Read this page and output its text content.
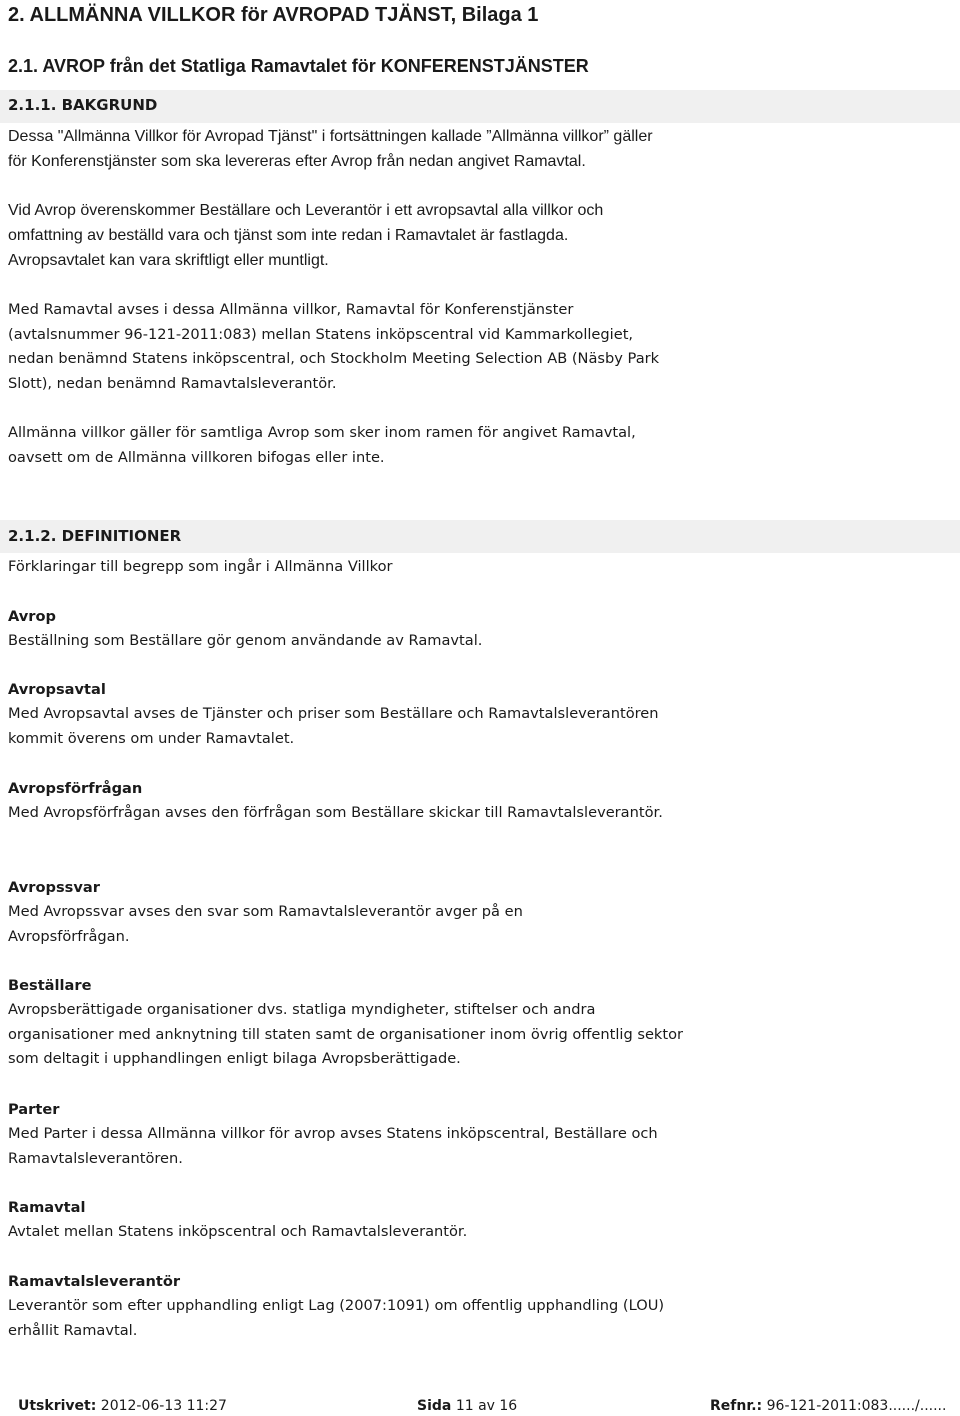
2. ALLMÄNNA VILLKOR för AVROPAD TJÄNST, Bilaga 1
2.1. AVROP från det Statliga Ramavtalet för KONFERENSTJÄNSTER
2.1.1. BAKGRUND
Dessa "Allmänna Villkor för Avropad Tjänst" i fortsättningen kallade ”Allmänna villkor” gäller
för Konferenstjänster som ska levereras efter Avrop från nedan angivet Ramavtal.
Vid Avrop överenskommer Beställare och Leverantör i ett avropsavtal alla villkor och
omfattning av beställd vara och tjänst som inte redan i Ramavtalet är fastlagda.
Avropsavtalet kan vara skriftligt eller muntligt.
Med Ramavtal avses i dessa Allmänna villkor, Ramavtal för Konferenstjänster
(avtalsnummer 96-121-2011:083) mellan Statens inköpscentral vid Kammarkollegiet,
nedan benämnd Statens inköpscentral, och Stockholm Meeting Selection AB (Näsby Park
Slott), nedan benämnd Ramavtalsleverantör.
Allmänna villkor gäller för samtliga Avrop som sker inom ramen för angivet Ramavtal,
oavsett om de Allmänna villkoren bifogas eller inte.
2.1.2. DEFINITIONER
Förklaringar till begrepp som ingår i Allmänna Villkor
Avrop
Beställning som Beställare gör genom användande av Ramavtal.
Avropsavtal
Med Avropsavtal avses de Tjänster och priser som Beställare och Ramavtalsleverantören
kommit överens om under Ramavtalet.
Avropsförfrågan
Med Avropsförfrågan avses den förfrågan som Beställare skickar till Ramavtalsleverantör.
Avropssvar
Med Avropssvar avses den svar som Ramavtalsleverantör avger på en
Avropsförfrågan.
Beställare
Avropsberättigade organisationer dvs. statliga myndigheter, stiftelser och andra
organisationer med anknytning till staten samt de organisationer inom övrig offentlig sektor
som deltagit i upphandlingen enligt bilaga Avropsberättigade.
Parter
Med Parter i dessa Allmänna villkor för avrop avses Statens inköpscentral, Beställare och
Ramavtalsleverantören.
Ramavtal
Avtalet mellan Statens inköpscentral och Ramavtalsleverantör.
Ramavtalsleverantör
Leverantör som efter upphandling enligt Lag (2007:1091) om offentlig upphandling (LOU)
erhållit Ramavtal.
Utskrivet: 2012-06-13 11:27	Sida 11 av 16	Refnr.: 96-121-2011:083....../......
